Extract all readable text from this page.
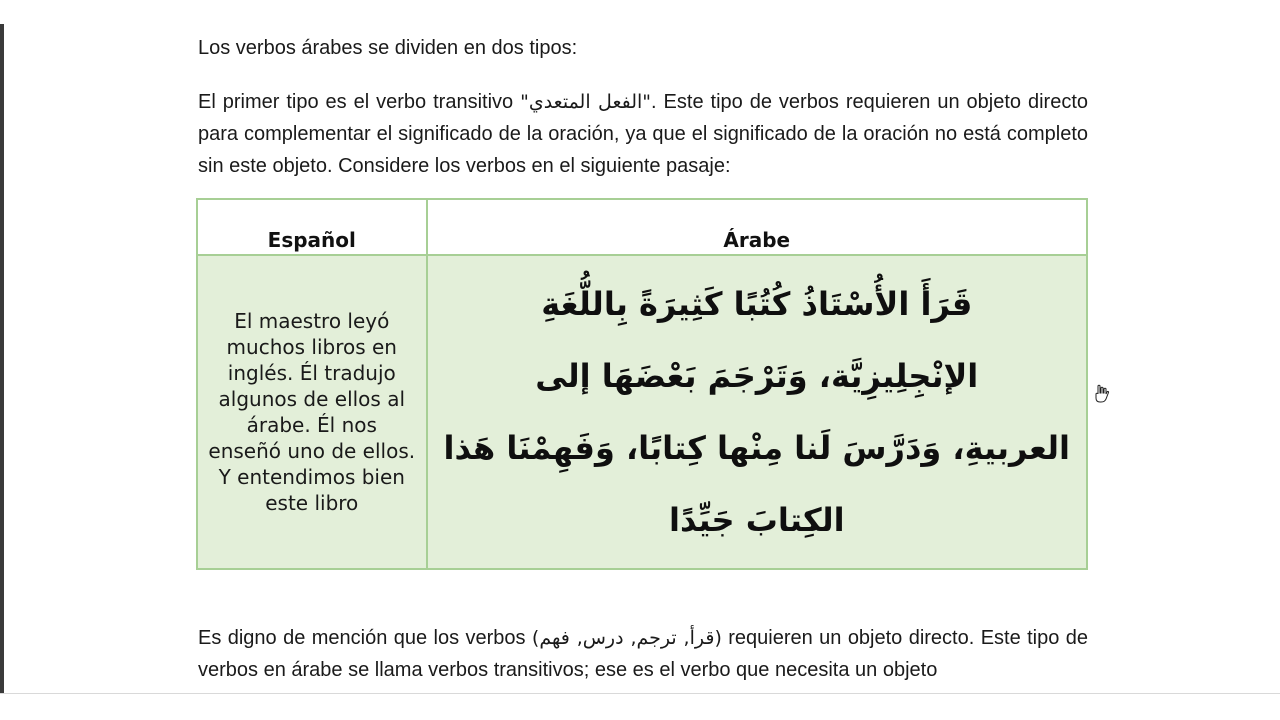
Los verbos árabes se dividen en dos tipos:

El primer tipo es el verbo transitivo "الفعل المتعدي". Este tipo de verbos requieren un objeto directo para complementar el significado de la oración, ya que el significado de la oración no está completo sin este objeto. Considere los verbos en el siguiente pasaje:

Español	Árabe
El maestro leyó muchos libros en inglés. Él tradujo algunos de ellos al árabe. Él nos enseñó uno de ellos. Y entendimos bien este libro	قَرَأَ الأُسْتَاذُ كُتُبًا كَثِيرَةً بِاللُّغَةِ
الإنْجِلِيزِيَّة، وَتَرْجَمَ بَعْضَهَا إلى
العربيةِ، وَدَرَّسَ لَنا مِنْها كِتابًا، وَفَهِمْنَا هَذا
الكِتابَ جَيِّدًا

Es digno de mención que los verbos (قرأ, ترجم, درس, فهم) requieren un objeto directo. Este tipo de verbos en árabe se llama verbos transitivos; ese es el verbo que necesita un objeto
